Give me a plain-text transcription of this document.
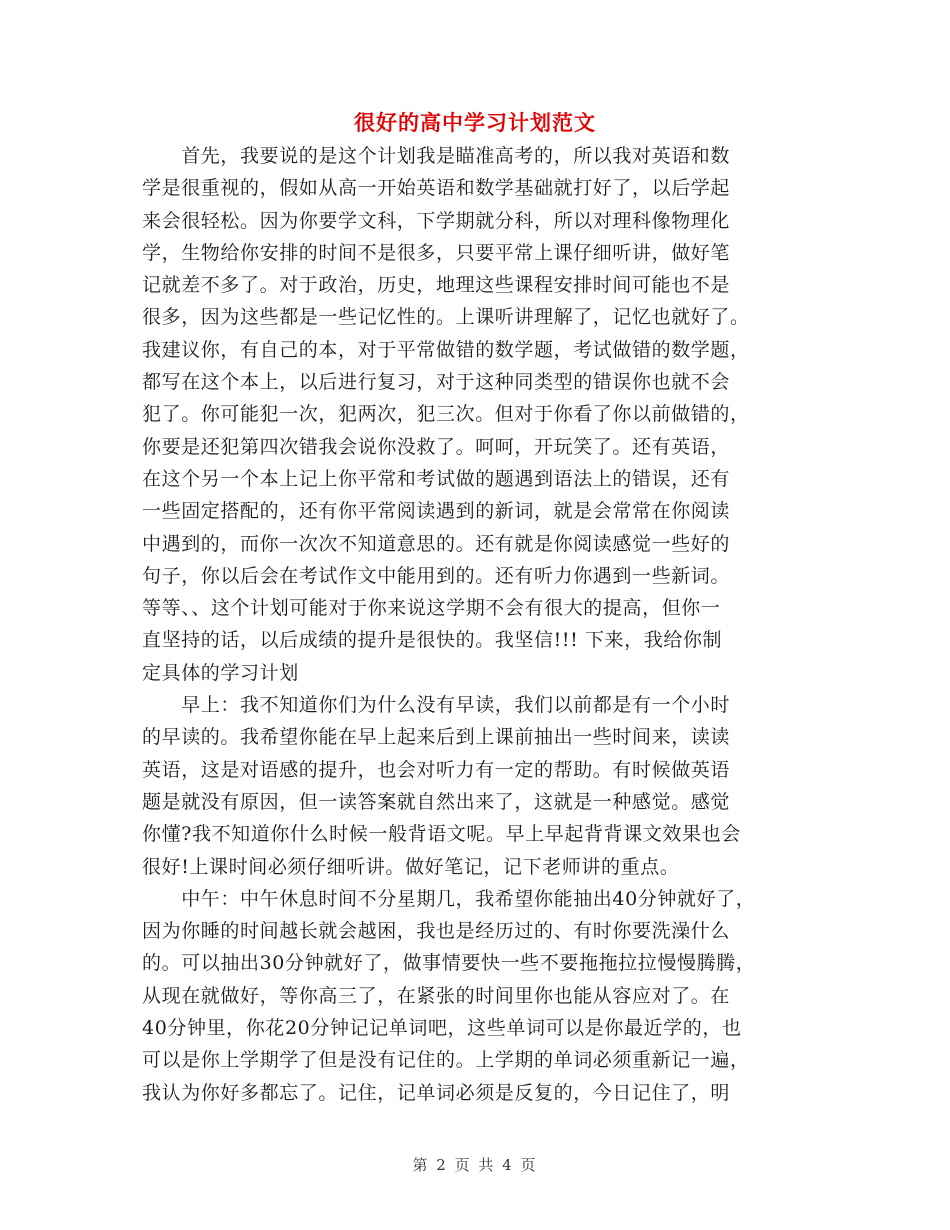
很好的高中学习计划范文
　　首先，我要说的是这个计划我是瞄准高考的，所以我对英语和数
学是很重视的，假如从高一开始英语和数学基础就打好了，以后学起
来会很轻松。因为你要学文科，下学期就分科，所以对理科像物理化
学，生物给你安排的时间不是很多，只要平常上课仔细听讲，做好笔
记就差不多了。对于政治，历史，地理这些课程安排时间可能也不是
很多，因为这些都是一些记忆性的。上课听讲理解了，记忆也就好了。
我建议你，有自己的本，对于平常做错的数学题，考试做错的数学题，
都写在这个本上，以后进行复习，对于这种同类型的错误你也就不会
犯了。你可能犯一次，犯两次，犯三次。但对于你看了你以前做错的，
你要是还犯第四次错我会说你没救了。呵呵，开玩笑了。还有英语，
在这个另一个本上记上你平常和考试做的题遇到语法上的错误，还有
一些固定搭配的，还有你平常阅读遇到的新词，就是会常常在你阅读
中遇到的，而你一次次不知道意思的。还有就是你阅读感觉一些好的
句子，你以后会在考试作文中能用到的。还有听力你遇到一些新词。
等等、、这个计划可能对于你来说这学期不会有很大的提高，但你一
直坚持的话，以后成绩的提升是很快的。我坚信!!! 下来，我给你制
定具体的学习计划
　　早上：我不知道你们为什么没有早读，我们以前都是有一个小时
的早读的。我希望你能在早上起来后到上课前抽出一些时间来，读读
英语，这是对语感的提升，也会对听力有一定的帮助。有时候做英语
题是就没有原因，但一读答案就自然出来了，这就是一种感觉。感觉
你懂?我不知道你什么时候一般背语文呢。早上早起背背课文效果也会
很好!上课时间必须仔细听讲。做好笔记，记下老师讲的重点。
　　中午：中午休息时间不分星期几，我希望你能抽出40分钟就好了，
因为你睡的时间越长就会越困，我也是经历过的、有时你要洗澡什么
的。可以抽出30分钟就好了，做事情要快一些不要拖拖拉拉慢慢腾腾，
从现在就做好，等你高三了，在紧张的时间里你也能从容应对了。在
40分钟里，你花20分钟记记单词吧，这些单词可以是你最近学的，也
可以是你上学期学了但是没有记住的。上学期的单词必须重新记一遍，
我认为你好多都忘了。记住，记单词必须是反复的，今日记住了，明
第 2 页 共 4 页
